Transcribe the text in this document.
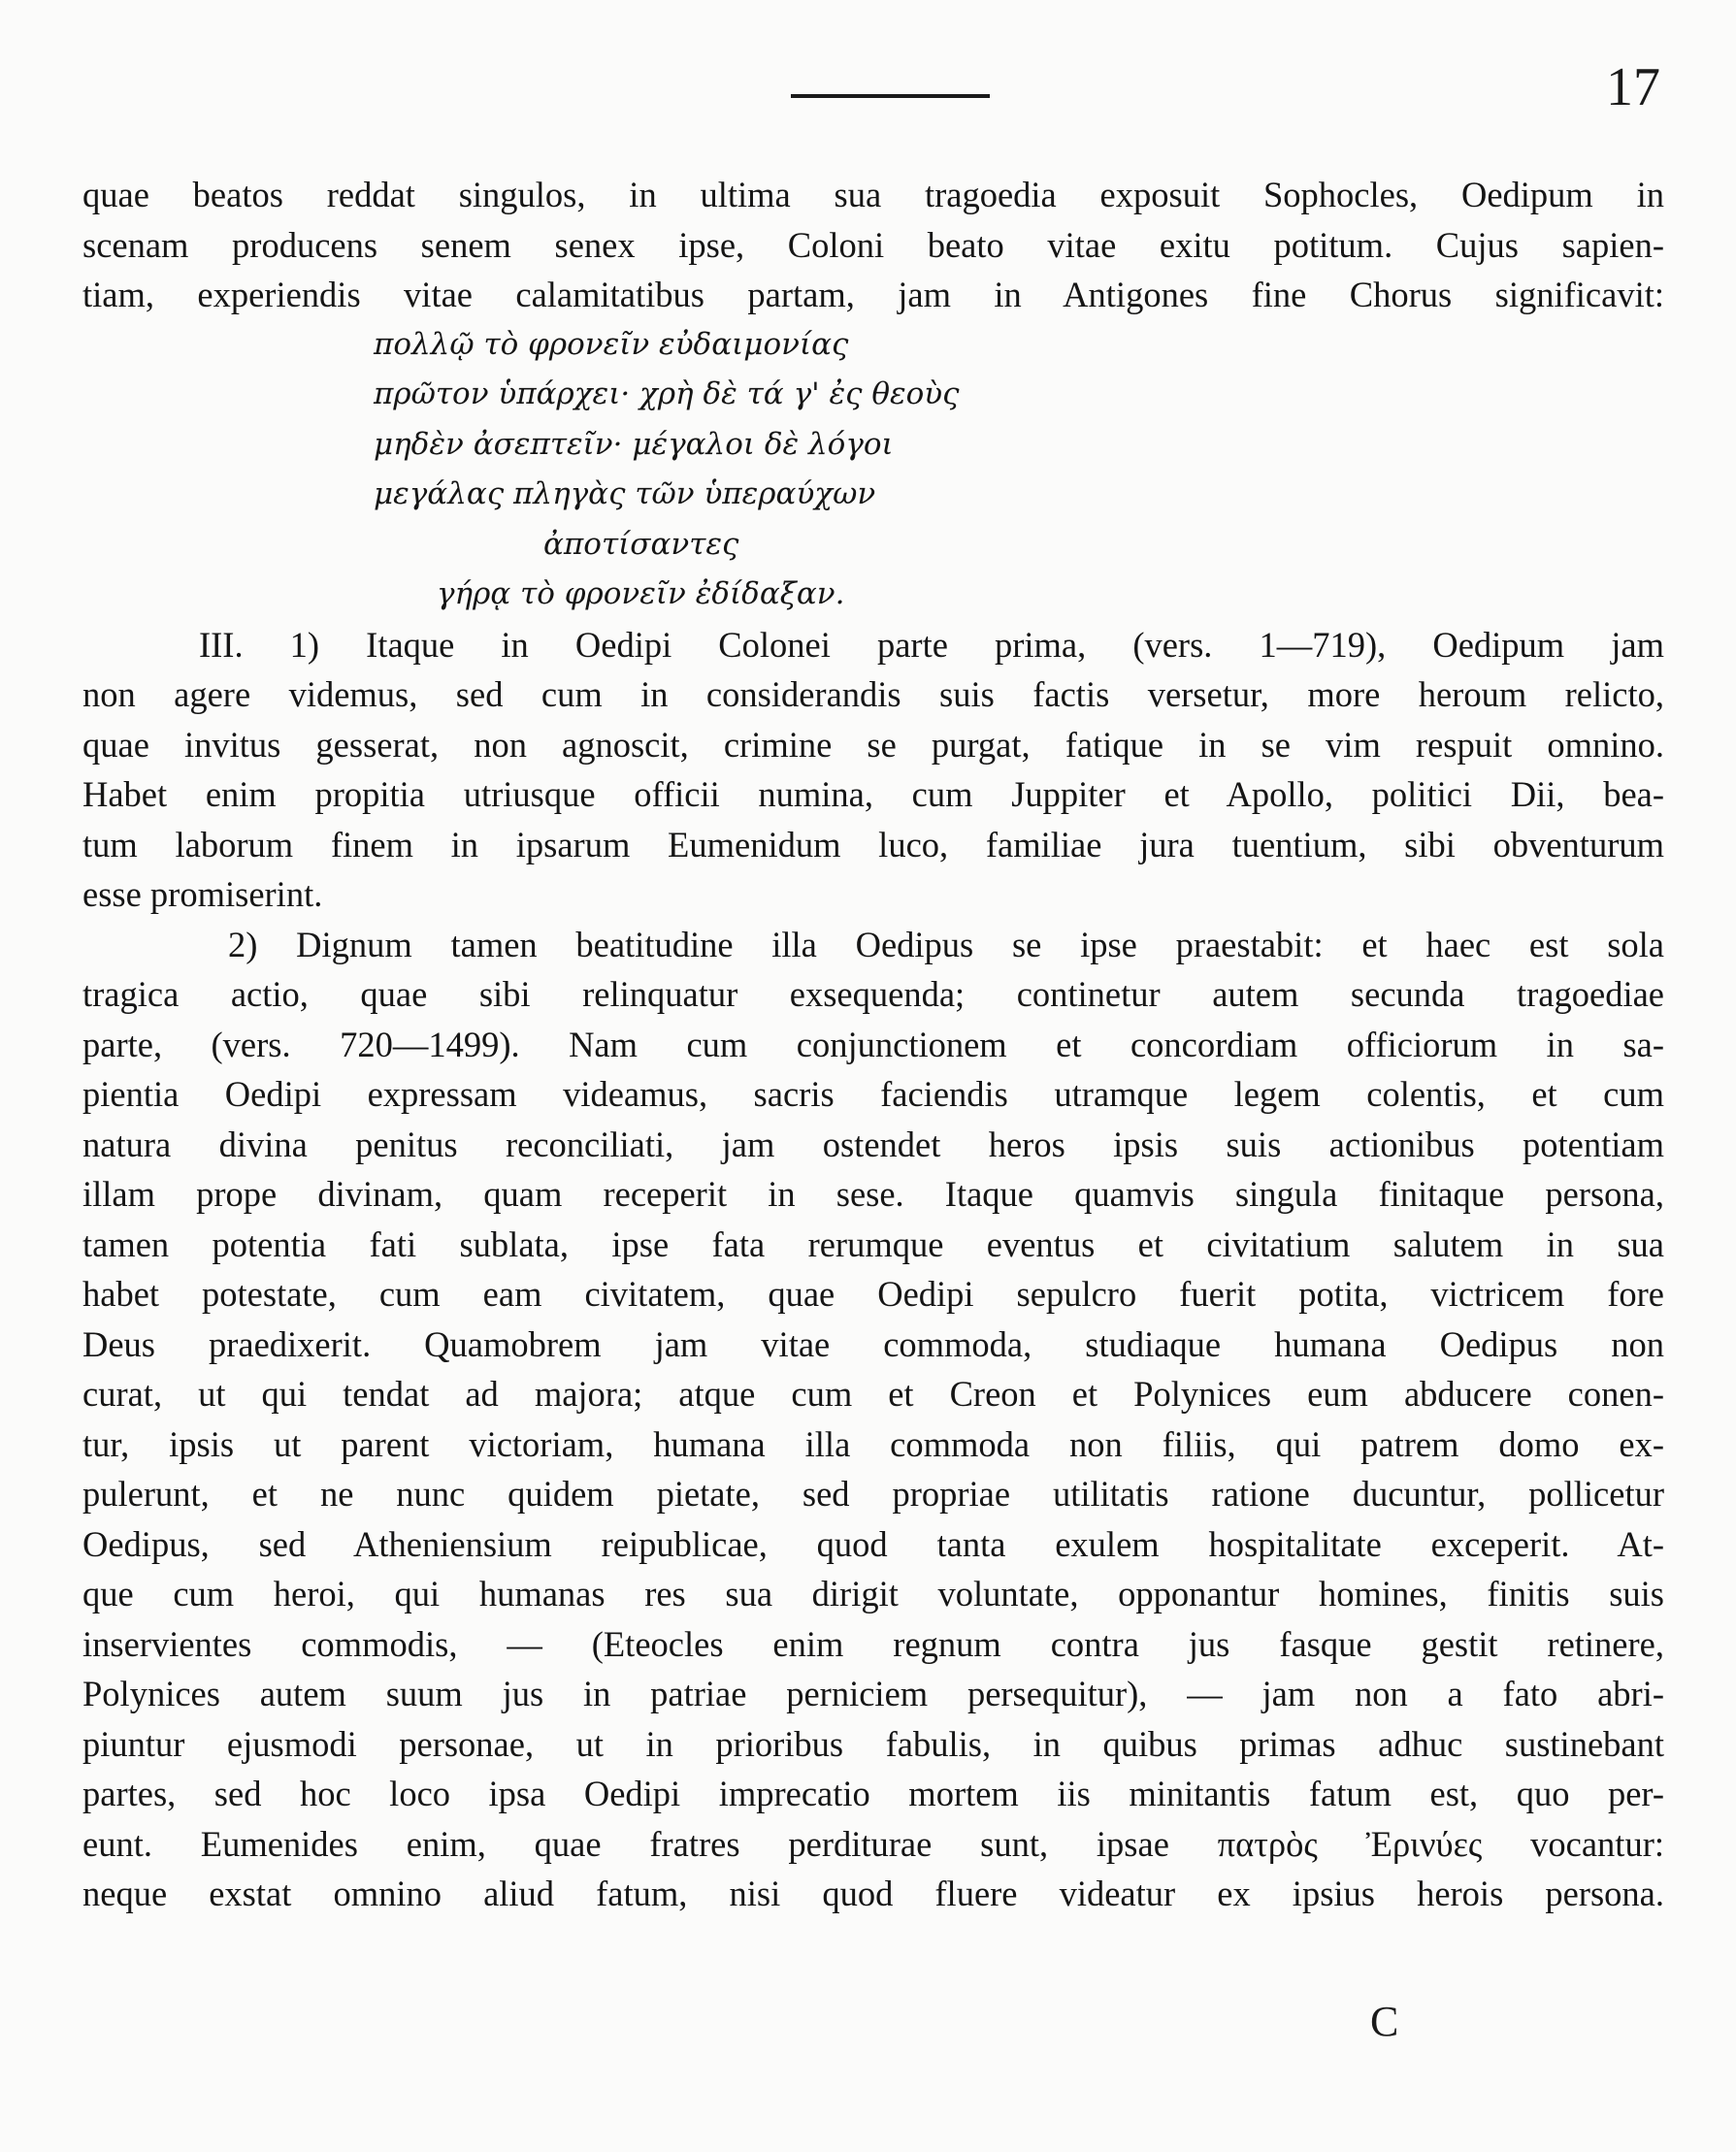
17
quae beatos reddat singulos, in ultima sua tragoedia exposuit Sophocles, Oedipum in
scenam producens senem senex ipse, Coloni beato vitae exitu potitum. Cujus sapien-
tiam, experiendis vitae calamitatibus partam, jam in Antigones fine Chorus significavit:
πολλῷ τὸ φρονεῖν εὐδαιμονίας
πρῶτον ὑπάρχει· χρὴ δὲ τά γ' ἐς θεοὺς
μηδὲν ἀσεπτεῖν· μέγαλοι δὲ λόγοι
μεγάλας πληγὰς τῶν ὑπεραύχων
ἀποτίσαντες
γήρᾳ τὸ φρονεῖν ἐδίδαξαν.
III. 1) Itaque in Oedipi Colonei parte prima, (vers. 1—719), Oedipum jam
non agere videmus, sed cum in considerandis suis factis versetur, more heroum relicto,
quae invitus gesserat, non agnoscit, crimine se purgat, fatique in se vim respuit omnino.
Habet enim propitia utriusque officii numina, cum Juppiter et Apollo, politici Dii, bea-
tum laborum finem in ipsarum Eumenidum luco, familiae jura tuentium, sibi obventurum
esse promiserint.
2) Dignum tamen beatitudine illa Oedipus se ipse praestabit: et haec est sola
tragica actio, quae sibi relinquatur exsequenda; continetur autem secunda tragoediae
parte, (vers. 720—1499). Nam cum conjunctionem et concordiam officiorum in sa-
pientia Oedipi expressam videamus, sacris faciendis utramque legem colentis, et cum
natura divina penitus reconciliati, jam ostendet heros ipsis suis actionibus potentiam
illam prope divinam, quam receperit in sese. Itaque quamvis singula finitaque persona,
tamen potentia fati sublata, ipse fata rerumque eventus et civitatium salutem in sua
habet potestate, cum eam civitatem, quae Oedipi sepulcro fuerit potita, victricem fore
Deus praedixerit. Quamobrem jam vitae commoda, studiaque humana Oedipus non
curat, ut qui tendat ad majora; atque cum et Creon et Polynices eum abducere conen-
tur, ipsis ut parent victoriam, humana illa commoda non filiis, qui patrem domo ex-
pulerunt, et ne nunc quidem pietate, sed propriae utilitatis ratione ducuntur, pollicetur
Oedipus, sed Atheniensium reipublicae, quod tanta exulem hospitalitate exceperit. At-
que cum heroi, qui humanas res sua dirigit voluntate, opponantur homines, finitis suis
inservientes commodis, — (Eteocles enim regnum contra jus fasque gestit retinere,
Polynices autem suum jus in patriae perniciem persequitur), — jam non a fato abri-
piuntur ejusmodi personae, ut in prioribus fabulis, in quibus primas adhuc sustinebant
partes, sed hoc loco ipsa Oedipi imprecatio mortem iis minitantis fatum est, quo per-
eunt. Eumenides enim, quae fratres perditurae sunt, ipsae πατρὸς Ἐρινύες vocantur:
neque exstat omnino aliud fatum, nisi quod fluere videatur ex ipsius herois persona.
C
